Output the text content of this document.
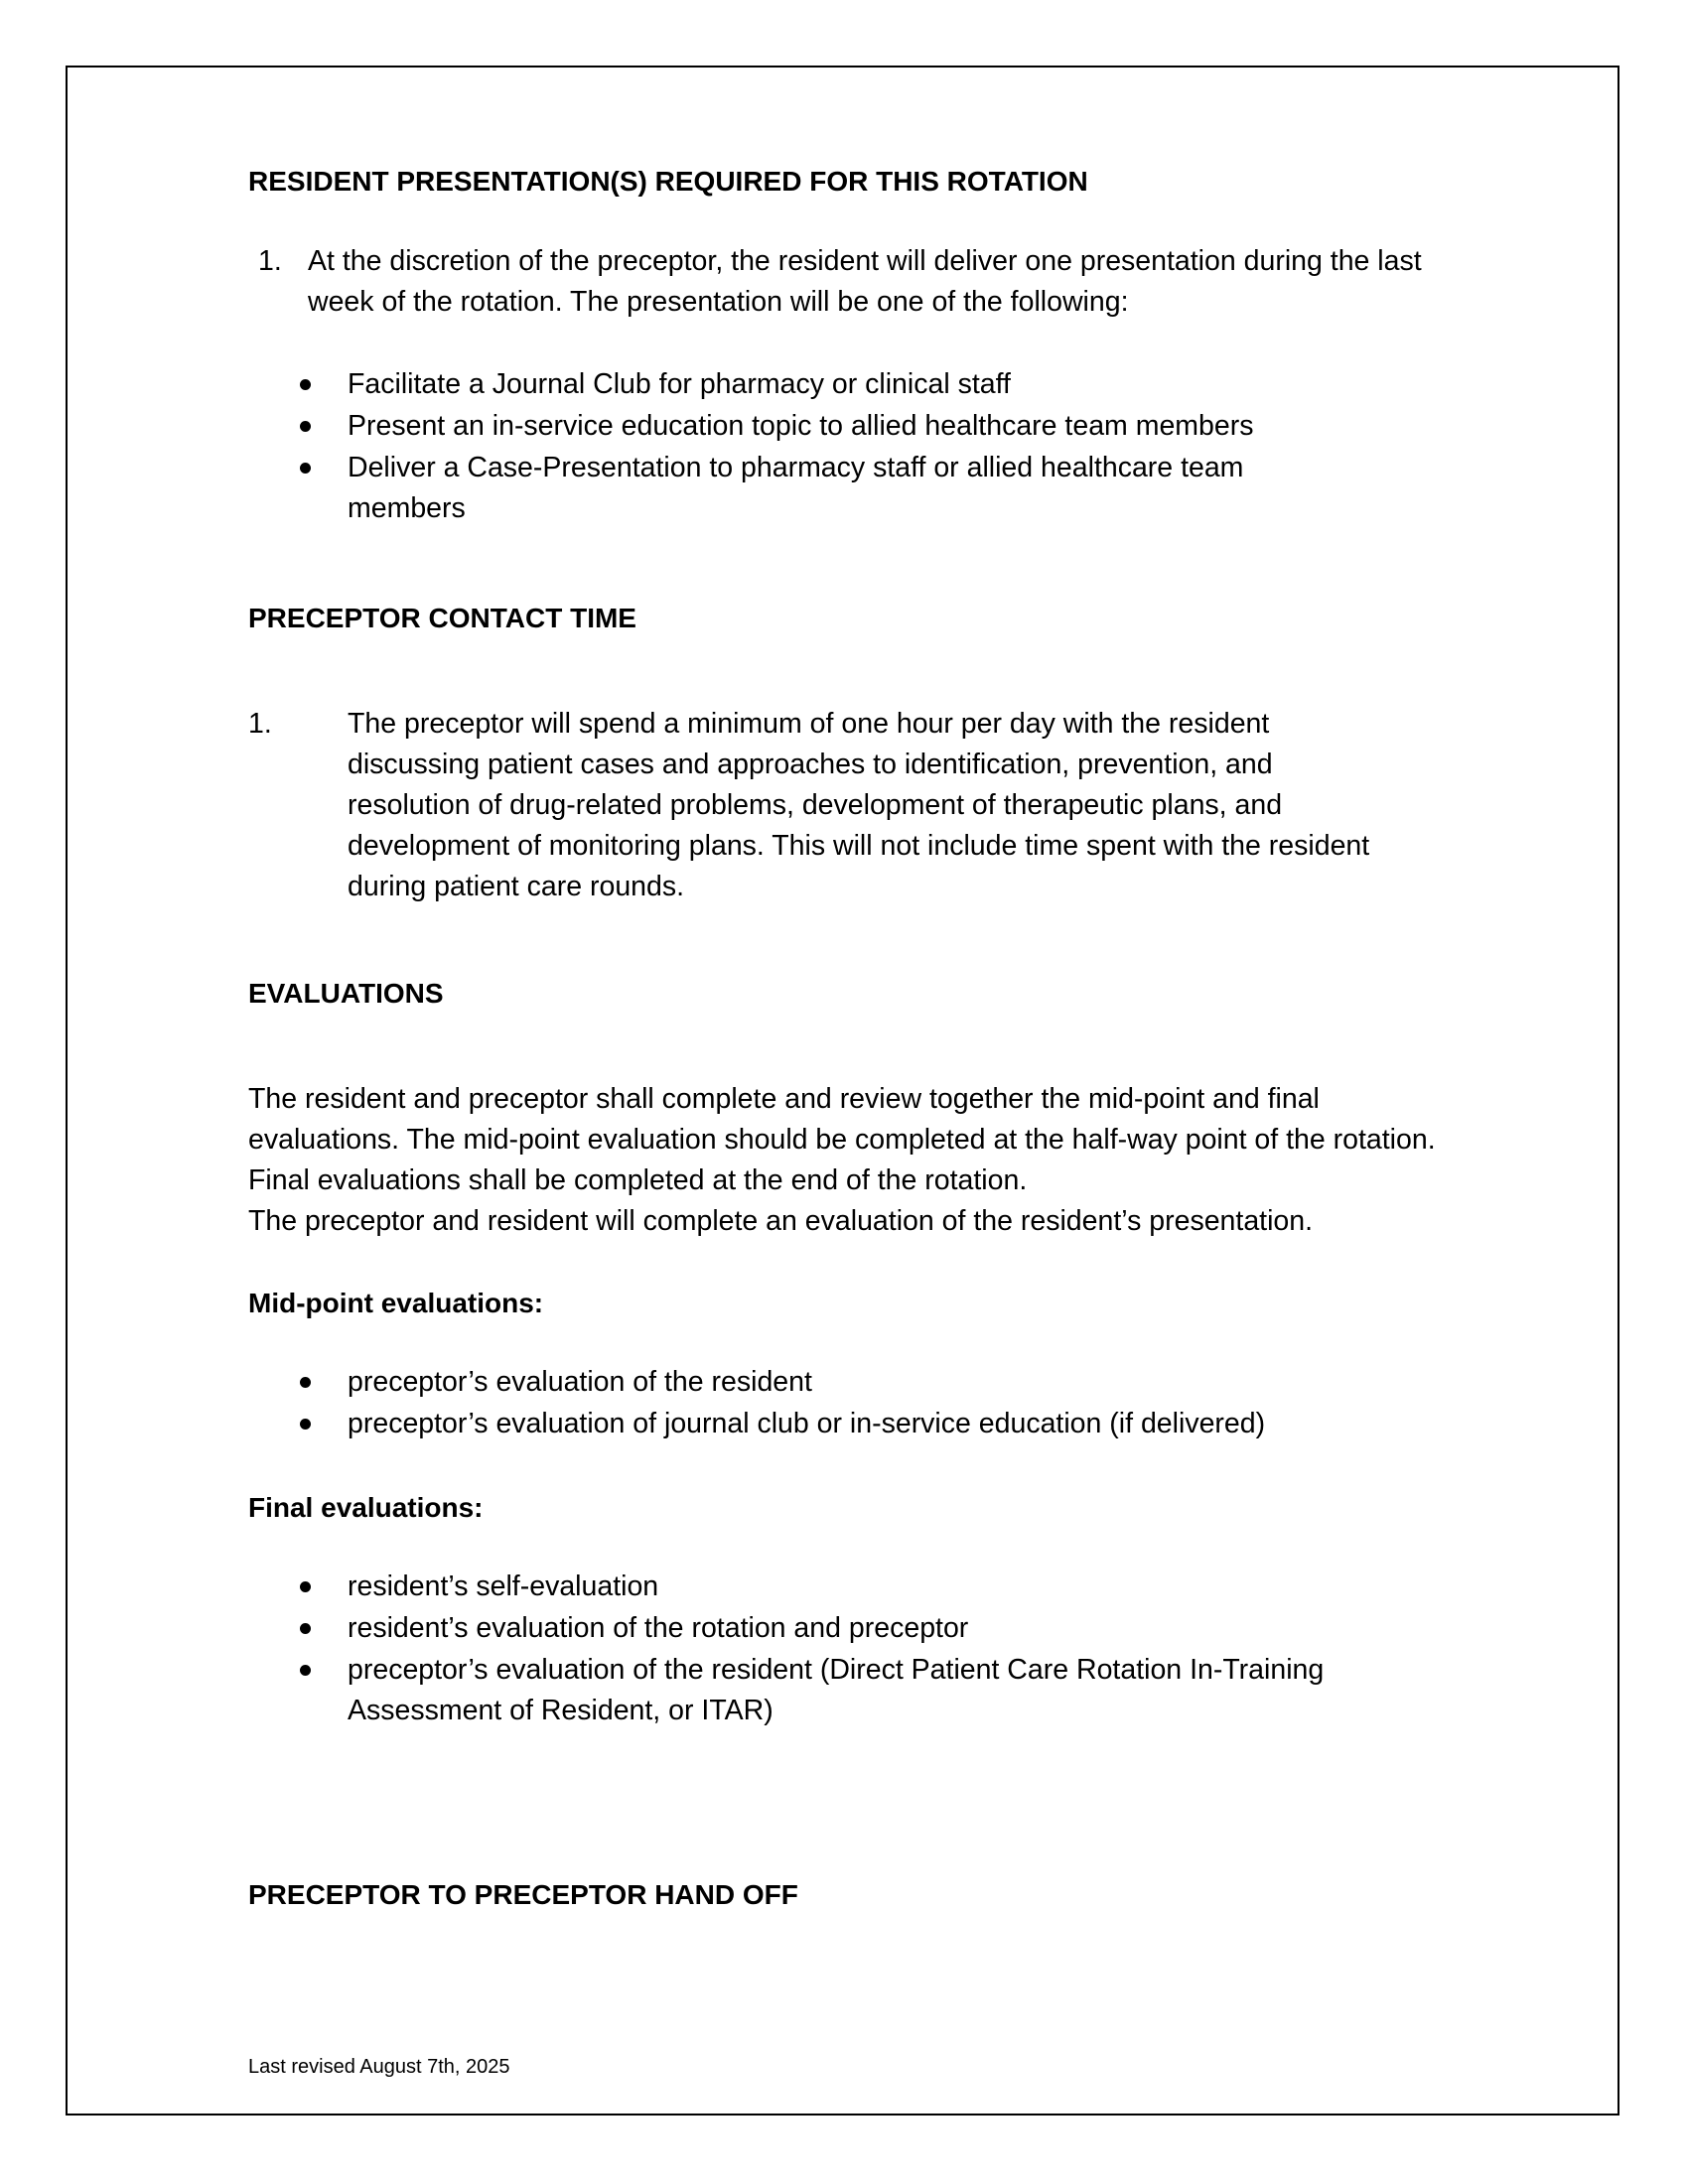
RESIDENT PRESENTATION(S) REQUIRED FOR THIS ROTATION
1. At the discretion of the preceptor, the resident will deliver one presentation during the last week of the rotation. The presentation will be one of the following:
Facilitate a Journal Club for pharmacy or clinical staff
Present an in-service education topic to allied healthcare team members
Deliver a Case-Presentation to pharmacy staff or allied healthcare team members
PRECEPTOR CONTACT TIME
1.	The preceptor will spend a minimum of one hour per day with the resident discussing patient cases and approaches to identification, prevention, and resolution of drug-related problems, development of therapeutic plans, and development of monitoring plans. This will not include time spent with the resident during patient care rounds.
EVALUATIONS
The resident and preceptor shall complete and review together the mid-point and final evaluations. The mid-point evaluation should be completed at the half-way point of the rotation. Final evaluations shall be completed at the end of the rotation.
The preceptor and resident will complete an evaluation of the resident’s presentation.
Mid-point evaluations:
preceptor’s evaluation of the resident
preceptor’s evaluation of journal club or in-service education (if delivered)
Final evaluations:
resident’s self-evaluation
resident’s evaluation of the rotation and preceptor
preceptor’s evaluation of the resident (Direct Patient Care Rotation In-Training Assessment of Resident, or ITAR)
PRECEPTOR TO PRECEPTOR HAND OFF
Last revised August 7th, 2025
